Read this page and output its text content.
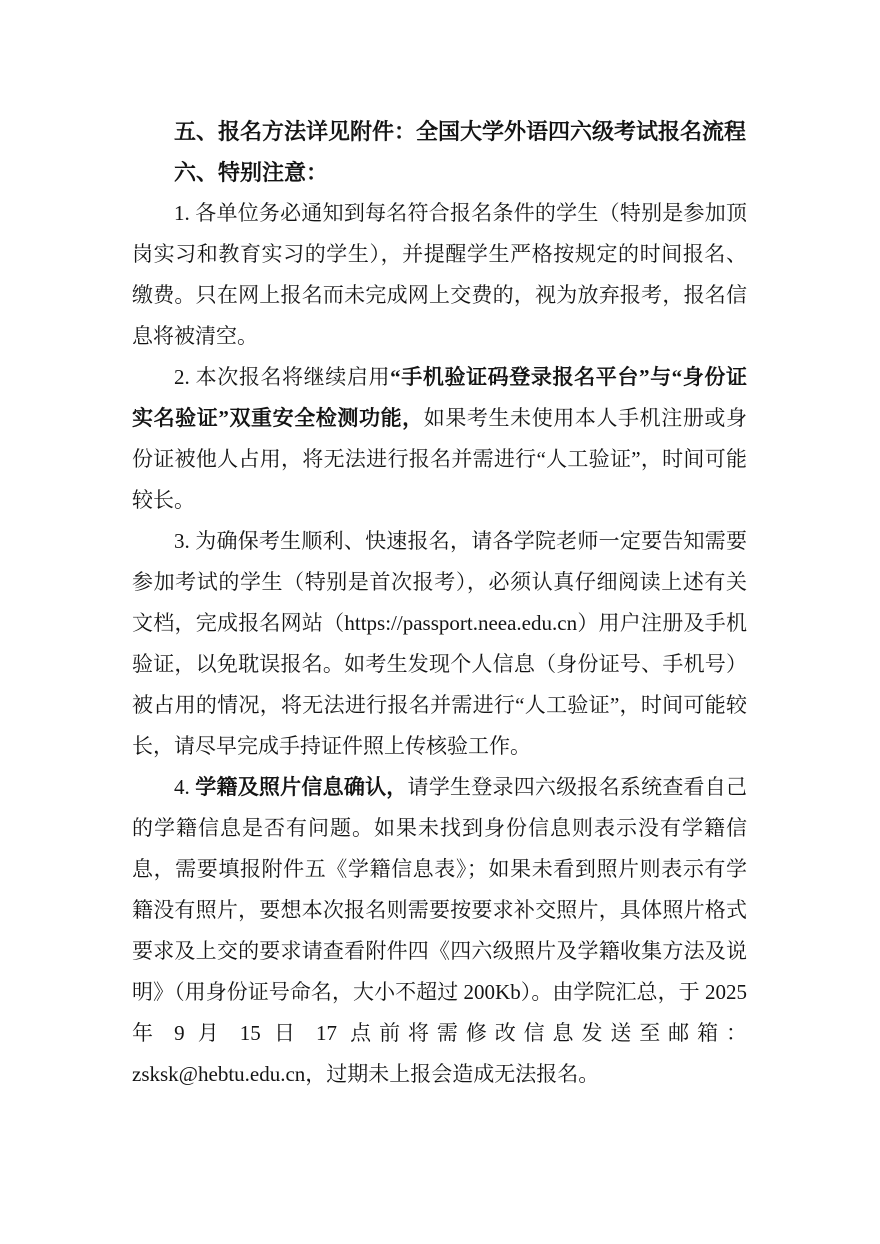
五、报名方法详见附件：全国大学外语四六级考试报名流程

六、特别注意：

1. 各单位务必通知到每名符合报名条件的学生（特别是参加顶岗实习和教育实习的学生），并提醒学生严格按规定的时间报名、缴费。只在网上报名而未完成网上交费的，视为放弃报考，报名信息将被清空。

2. 本次报名将继续启用“手机验证码登录报名平台”与“身份证实名验证”双重安全检测功能，如果考生未使用本人手机注册或身份证被他人占用，将无法进行报名并需进行“人工验证”，时间可能较长。

3. 为确保考生顺利、快速报名，请各学院老师一定要告知需要参加考试的学生（特别是首次报考），必须认真仔细阅读上述有关文档，完成报名网站（https://passport.neea.edu.cn）用户注册及手机验证，以免耽误报名。如考生发现个人信息（身份证号、手机号）被占用的情况，将无法进行报名并需进行“人工验证”，时间可能较长，请尽早完成手持证件照上传核验工作。

4. 学籍及照片信息确认，请学生登录四六级报名系统查看自己的学籍信息是否有问题。如果未找到身份信息则表示没有学籍信息，需要填报附件五《学籍信息表》；如果未看到照片则表示有学籍没有照片，要想本次报名则需要按要求补交照片，具体照片格式要求及上交的要求请查看附件四《四六级照片及学籍收集方法及说明》（用身份证号命名，大小不超过 200Kb）。由学院汇总，于 2025 年 9 月 15 日 17 点前将需修改信息发送至邮箱：zsksk@hebtu.edu.cn，过期未上报会造成无法报名。
